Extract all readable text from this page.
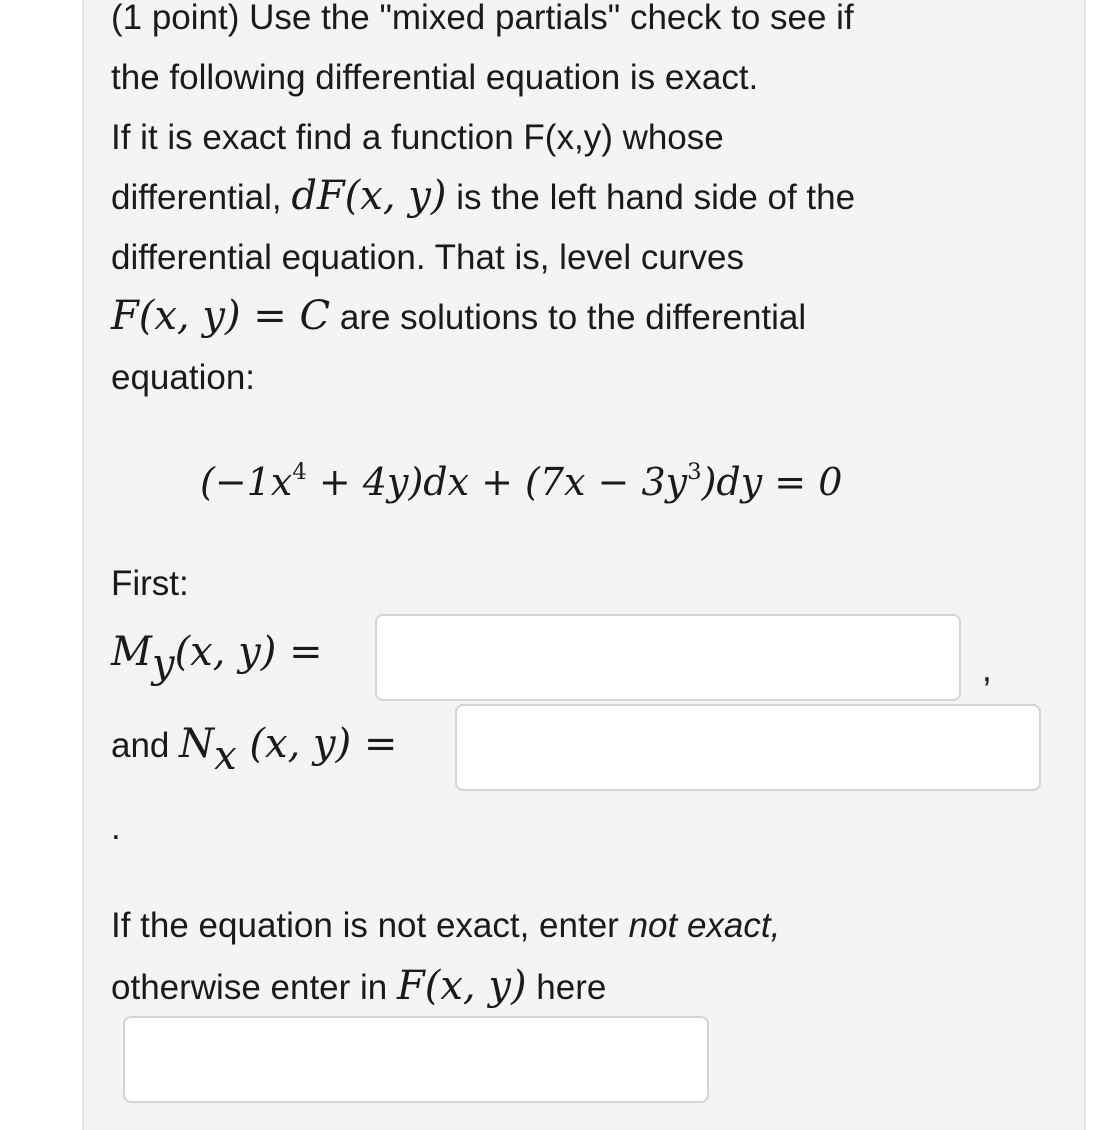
(1 point) Use the "mixed partials" check to see if
the following differential equation is exact.
If it is exact find a function F(x,y) whose
differential, dF(x, y) is the left hand side of the
differential equation. That is, level curves
F(x, y) = C are solutions to the differential
equation:
$(-1x^4 + 4y)dx + (7x - 3y^3)dy = 0$
First:
$M_y(x$, y) =	,
and $N_x$ (x, y) =
.
If the equation is not exact, enter not exact,
otherwise enter in F(x, y) here
